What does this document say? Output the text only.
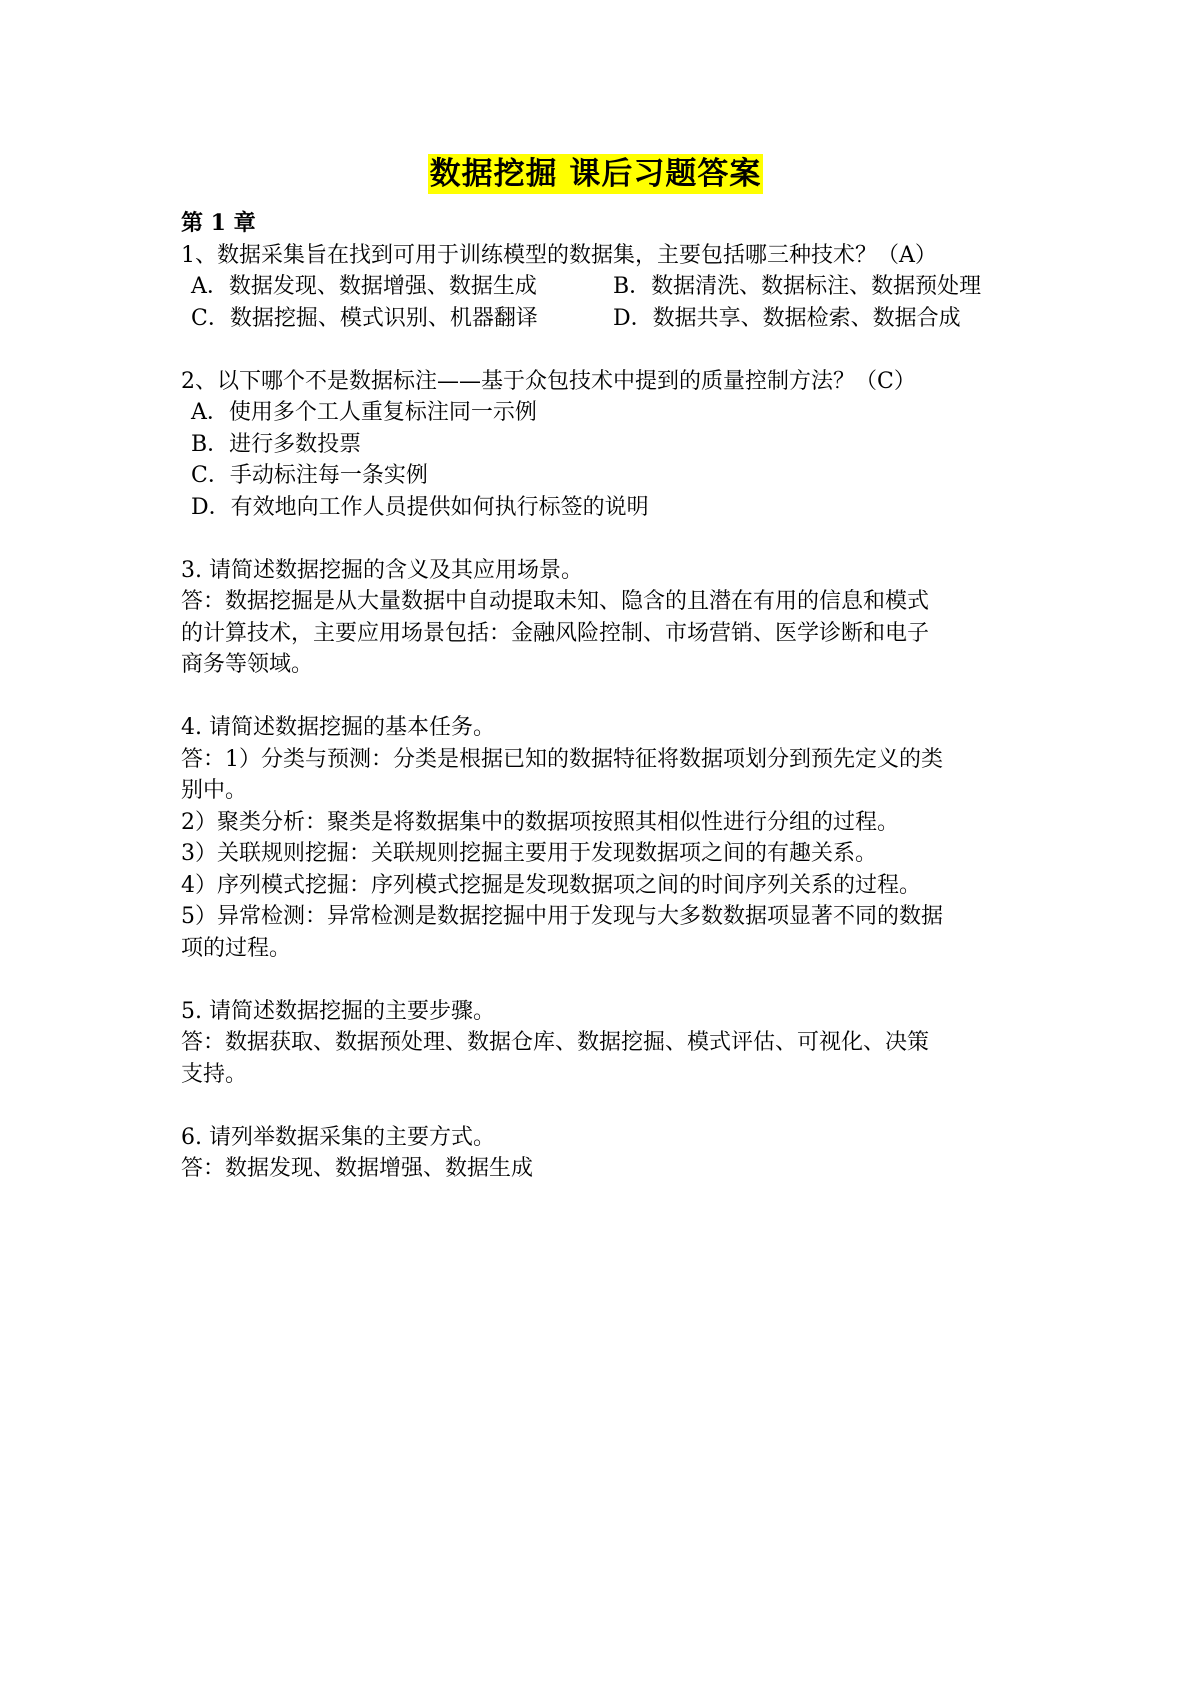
数据挖掘 课后习题答案
第 1 章
1、数据采集旨在找到可用于训练模型的数据集，主要包括哪三种技术？（A）
A．数据发现、数据增强、数据生成	B．数据清洗、数据标注、数据预处理
C．数据挖掘、模式识别、机器翻译	D．数据共享、数据检索、数据合成
2、以下哪个不是数据标注——基于众包技术中提到的质量控制方法？（C）
A．使用多个工人重复标注同一示例
B．进行多数投票
C．手动标注每一条实例
D．有效地向工作人员提供如何执行标签的说明
3. 请简述数据挖掘的含义及其应用场景。
答：数据挖掘是从大量数据中自动提取未知、隐含的且潜在有用的信息和模式
的计算技术，主要应用场景包括：金融风险控制、市场营销、医学诊断和电子
商务等领域。
4. 请简述数据挖掘的基本任务。
答：1）分类与预测：分类是根据已知的数据特征将数据项划分到预先定义的类
别中。
2）聚类分析：聚类是将数据集中的数据项按照其相似性进行分组的过程。
3）关联规则挖掘：关联规则挖掘主要用于发现数据项之间的有趣关系。
4）序列模式挖掘：序列模式挖掘是发现数据项之间的时间序列关系的过程。
5）异常检测：异常检测是数据挖掘中用于发现与大多数数据项显著不同的数据
项的过程。
5. 请简述数据挖掘的主要步骤。
答：数据获取、数据预处理、数据仓库、数据挖掘、模式评估、可视化、决策
支持。
6. 请列举数据采集的主要方式。
答：数据发现、数据增强、数据生成
